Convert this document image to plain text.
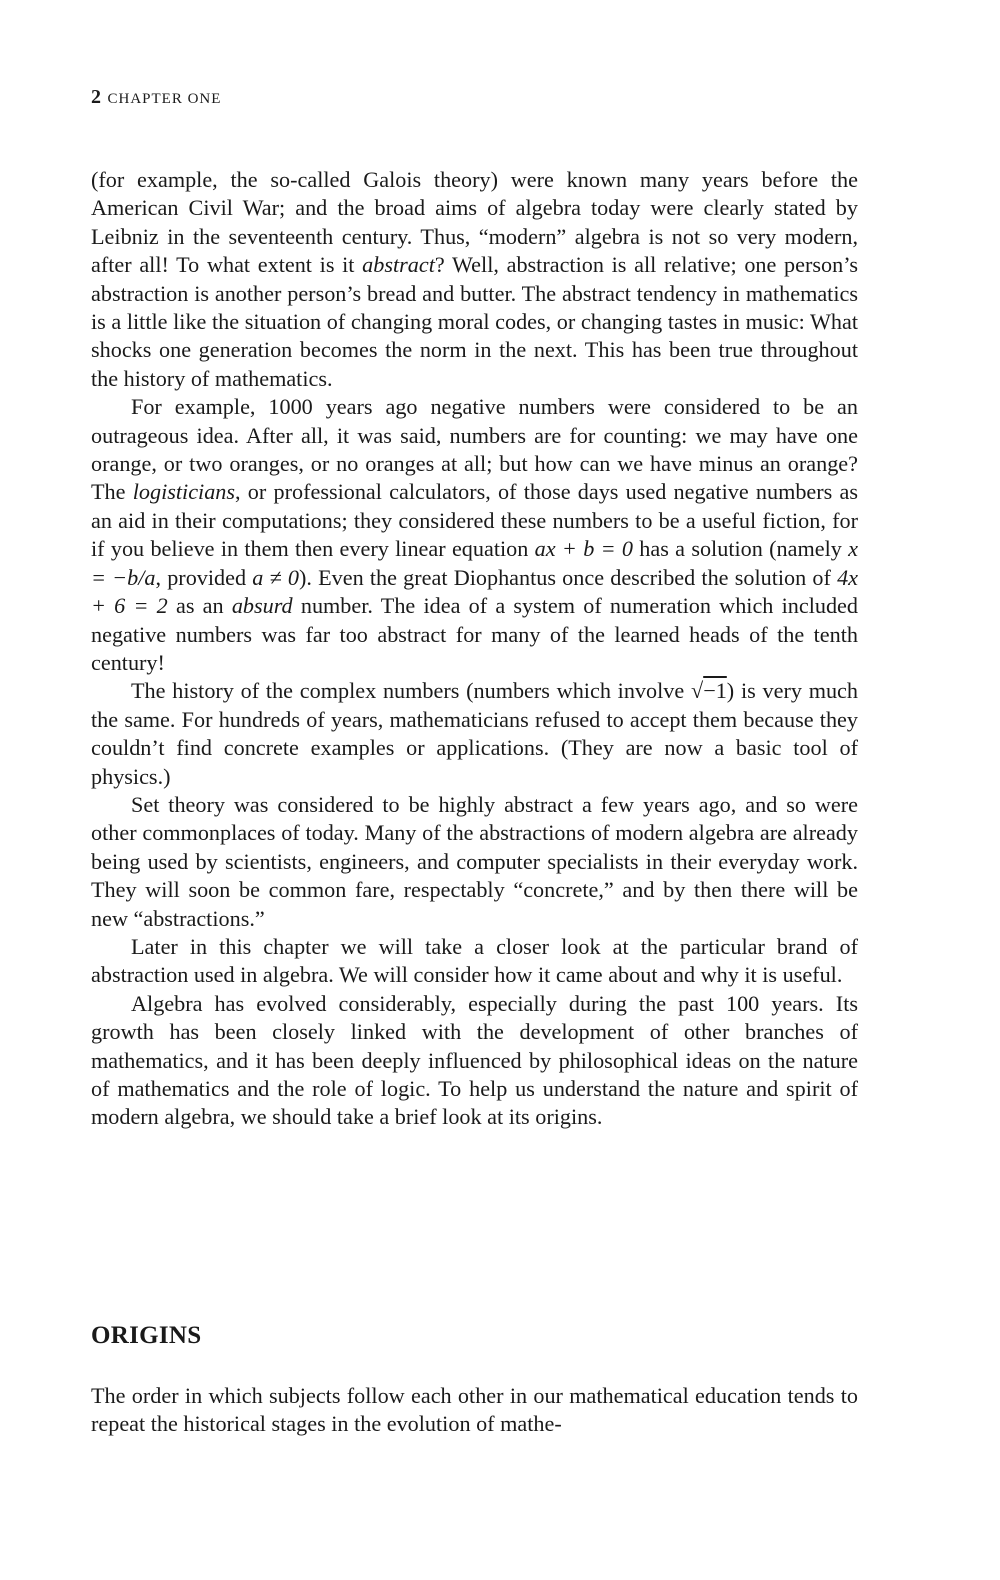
2 CHAPTER ONE

(for example, the so-called Galois theory) were known many years before the American Civil War; and the broad aims of algebra today were clearly stated by Leibniz in the seventeenth century. Thus, “modern” algebra is not so very modern, after all! To what extent is it abstract? Well, abstraction is all relative; one person’s abstraction is another person’s bread and butter. The abstract tendency in mathematics is a little like the situation of changing moral codes, or changing tastes in music: What shocks one generation becomes the norm in the next. This has been true throughout the history of mathematics.

For example, 1000 years ago negative numbers were considered to be an outrageous idea. After all, it was said, numbers are for counting: we may have one orange, or two oranges, or no oranges at all; but how can we have minus an orange? The logisticians, or professional calculators, of those days used negative numbers as an aid in their computations; they considered these numbers to be a useful fiction, for if you believe in them then every linear equation ax + b = 0 has a solution (namely x = −b/a, provided a ≠ 0). Even the great Diophantus once described the solution of 4x + 6 = 2 as an absurd number. The idea of a system of numeration which included negative numbers was far too abstract for many of the learned heads of the tenth century!

The history of the complex numbers (numbers which involve √−1) is very much the same. For hundreds of years, mathematicians refused to accept them because they couldn’t find concrete examples or applications. (They are now a basic tool of physics.)

Set theory was considered to be highly abstract a few years ago, and so were other commonplaces of today. Many of the abstractions of modern algebra are already being used by scientists, engineers, and computer specialists in their everyday work. They will soon be common fare, respectably “concrete,” and by then there will be new “abstractions.”

Later in this chapter we will take a closer look at the particular brand of abstraction used in algebra. We will consider how it came about and why it is useful.

Algebra has evolved considerably, especially during the past 100 years. Its growth has been closely linked with the development of other branches of mathematics, and it has been deeply influenced by philosophical ideas on the nature of mathematics and the role of logic. To help us understand the nature and spirit of modern algebra, we should take a brief look at its origins.

ORIGINS

The order in which subjects follow each other in our mathematical education tends to repeat the historical stages in the evolution of mathe-
